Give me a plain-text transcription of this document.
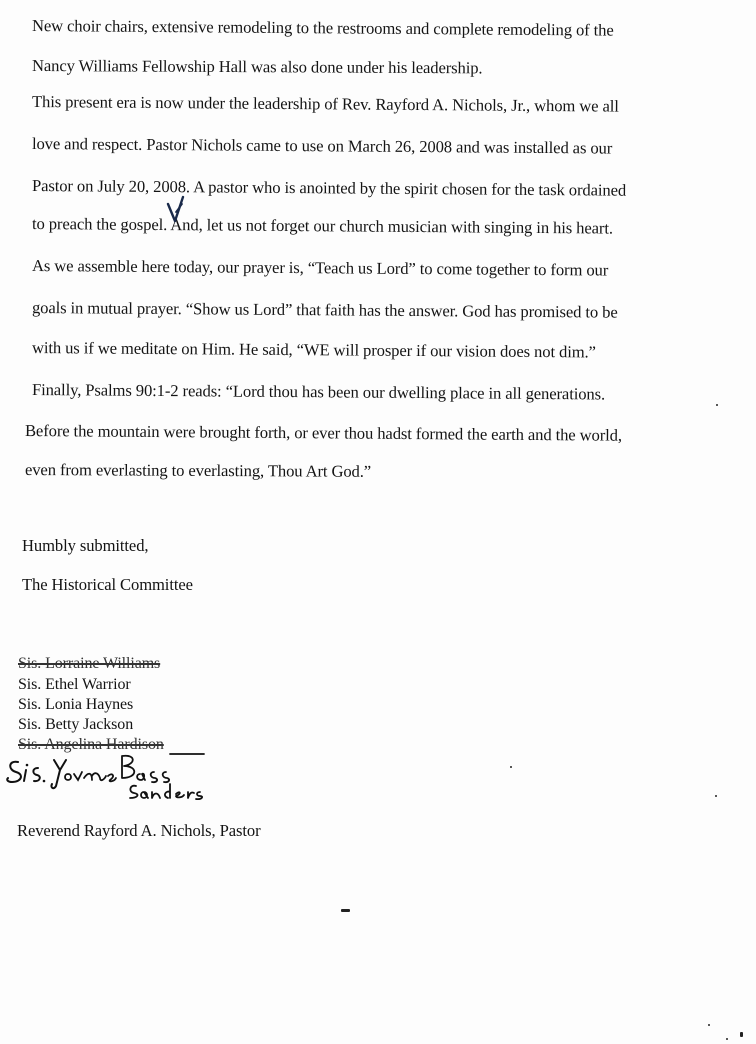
New choir chairs, extensive remodeling to the restrooms and complete remodeling of the
Nancy Williams Fellowship Hall was also done under his leadership.
This present era is now under the leadership of Rev. Rayford A. Nichols, Jr., whom we all
love and respect. Pastor Nichols came to use on March 26, 2008 and was installed as our
Pastor on July 20, 2008. A pastor who is anointed by the spirit chosen for the task ordained
to preach the gospel. And, let us not forget our church musician with singing in his heart.
As we assemble here today, our prayer is, “Teach us Lord” to come together to form our
goals in mutual prayer. “Show us Lord” that faith has the answer. God has promised to be
with us if we meditate on Him. He said, “WE will prosper if our vision does not dim.”
Finally, Psalms 90:1-2 reads: “Lord thou has been our dwelling place in all generations.
Before the mountain were brought forth, or ever thou hadst formed the earth and the world,
even from everlasting to everlasting, Thou Art God.”
Humbly submitted,
The Historical Committee
Sis. Lorraine Williams
Sis. Ethel Warrior
Sis. Lonia Haynes
Sis. Betty Jackson
Sis. Angelina Hardison
Reverend Rayford A. Nichols, Pastor
